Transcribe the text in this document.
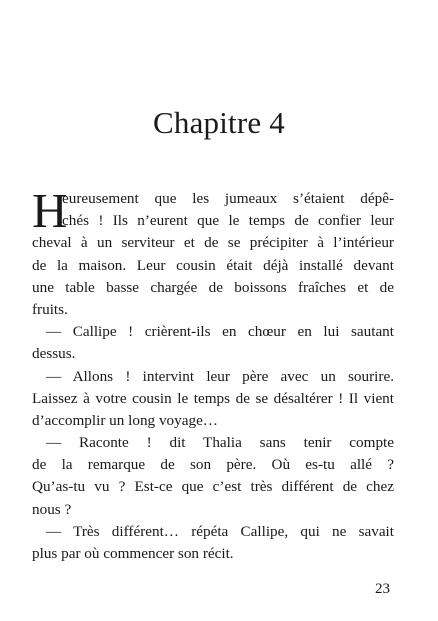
Chapitre 4
H
eureusement que les jumeaux s’étaient dépê-
chés ! Ils n’eurent que le temps de confier leur
cheval à un serviteur et de se précipiter à l’intérieur
de la maison. Leur cousin était déjà installé devant
une table basse chargée de boissons fraîches et de
fruits.
— Callipe ! crièrent-ils en chœur en lui sautant
dessus.
— Allons ! intervint leur père avec un sourire.
Laissez à votre cousin le temps de se désaltérer ! Il vient
d’accomplir un long voyage…
— Raconte ! dit Thalia sans tenir compte
de la remarque de son père. Où es-tu allé ?
Qu’as-tu vu ? Est-ce que c’est très différent de chez
nous ?
— Très différent… répéta Callipe, qui ne savait
plus par où commencer son récit.
23
